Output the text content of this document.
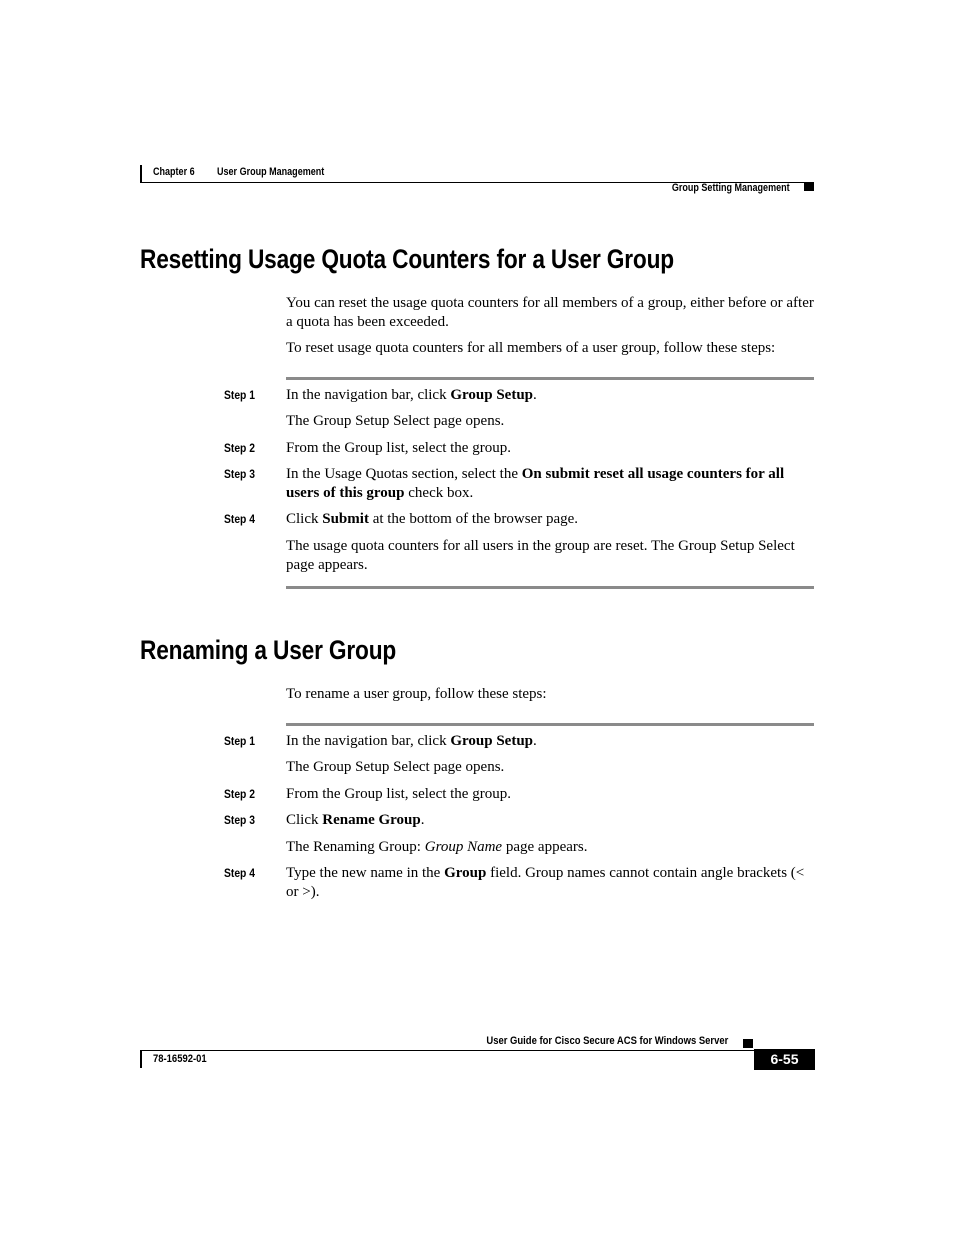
Chapter 6 User Group Management
Group Setting Management
Resetting Usage Quota Counters for a User Group
You can reset the usage quota counters for all members of a group, either before or after a quota has been exceeded.
To reset usage quota counters for all members of a user group, follow these steps:
Step 1 In the navigation bar, click Group Setup.
The Group Setup Select page opens.
Step 2 From the Group list, select the group.
Step 3 In the Usage Quotas section, select the On submit reset all usage counters for all users of this group check box.
Step 4 Click Submit at the bottom of the browser page.
The usage quota counters for all users in the group are reset. The Group Setup Select page appears.
Renaming a User Group
To rename a user group, follow these steps:
Step 1 In the navigation bar, click Group Setup.
The Group Setup Select page opens.
Step 2 From the Group list, select the group.
Step 3 Click Rename Group.
The Renaming Group: Group Name page appears.
Step 4 Type the new name in the Group field. Group names cannot contain angle brackets (< or >).
User Guide for Cisco Secure ACS for Windows Server
78-16592-01	6-55
